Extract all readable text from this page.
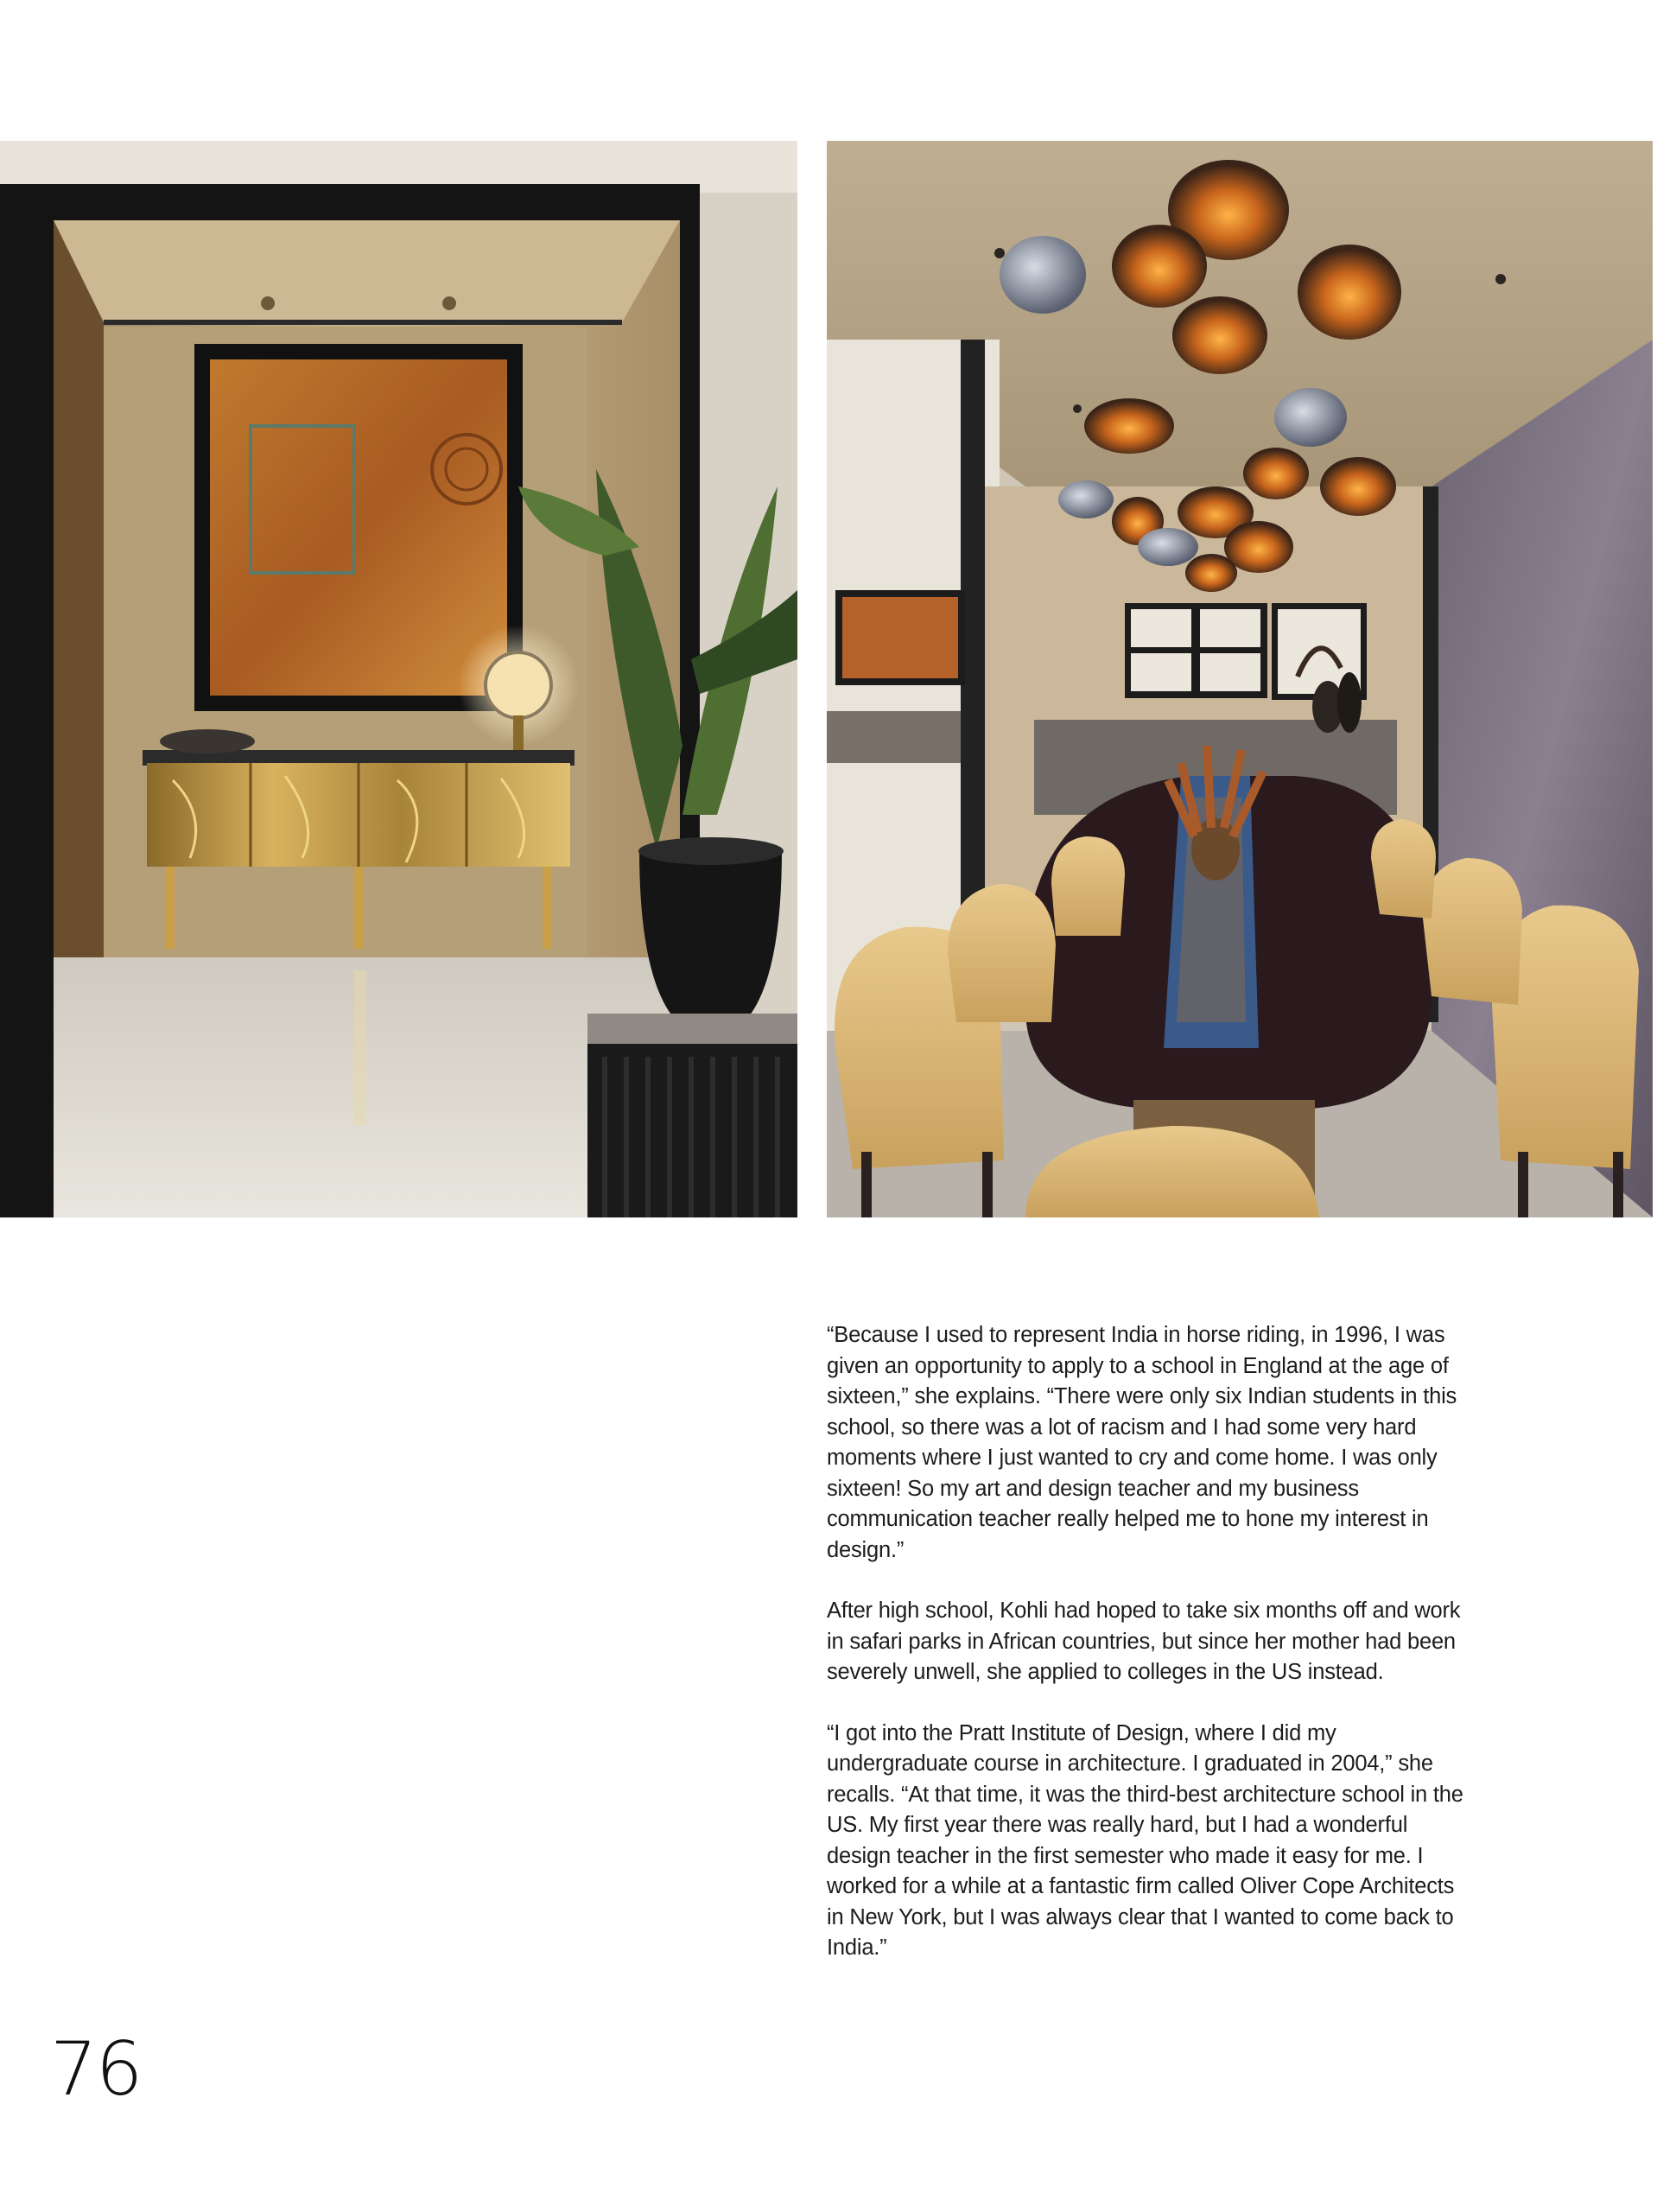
“Because I used to represent India in horse riding, in 1996, I was given an opportunity to apply to a school in England at the age of sixteen,” she explains. “There were only six Indian students in this school, so there was a lot of racism and I had some very hard moments where I just wanted to cry and come home. I was only sixteen! So my art and design teacher and my business communication teacher really helped me to hone my interest in design.”

After high school, Kohli had hoped to take six months off and work in safari parks in African countries, but since her mother had been severely unwell, she applied to colleges in the US instead.

“I got into the Pratt Institute of Design, where I did my undergraduate course in architecture. I graduated in 2004,” she recalls. “At that time, it was the third-best architecture school in the US. My first year there was really hard, but I had a wonderful design teacher in the first semester who made it easy for me. I worked for a while at a fantastic firm called Oliver Cope Architects in New York, but I was always clear that I wanted to come back to India.”

76
